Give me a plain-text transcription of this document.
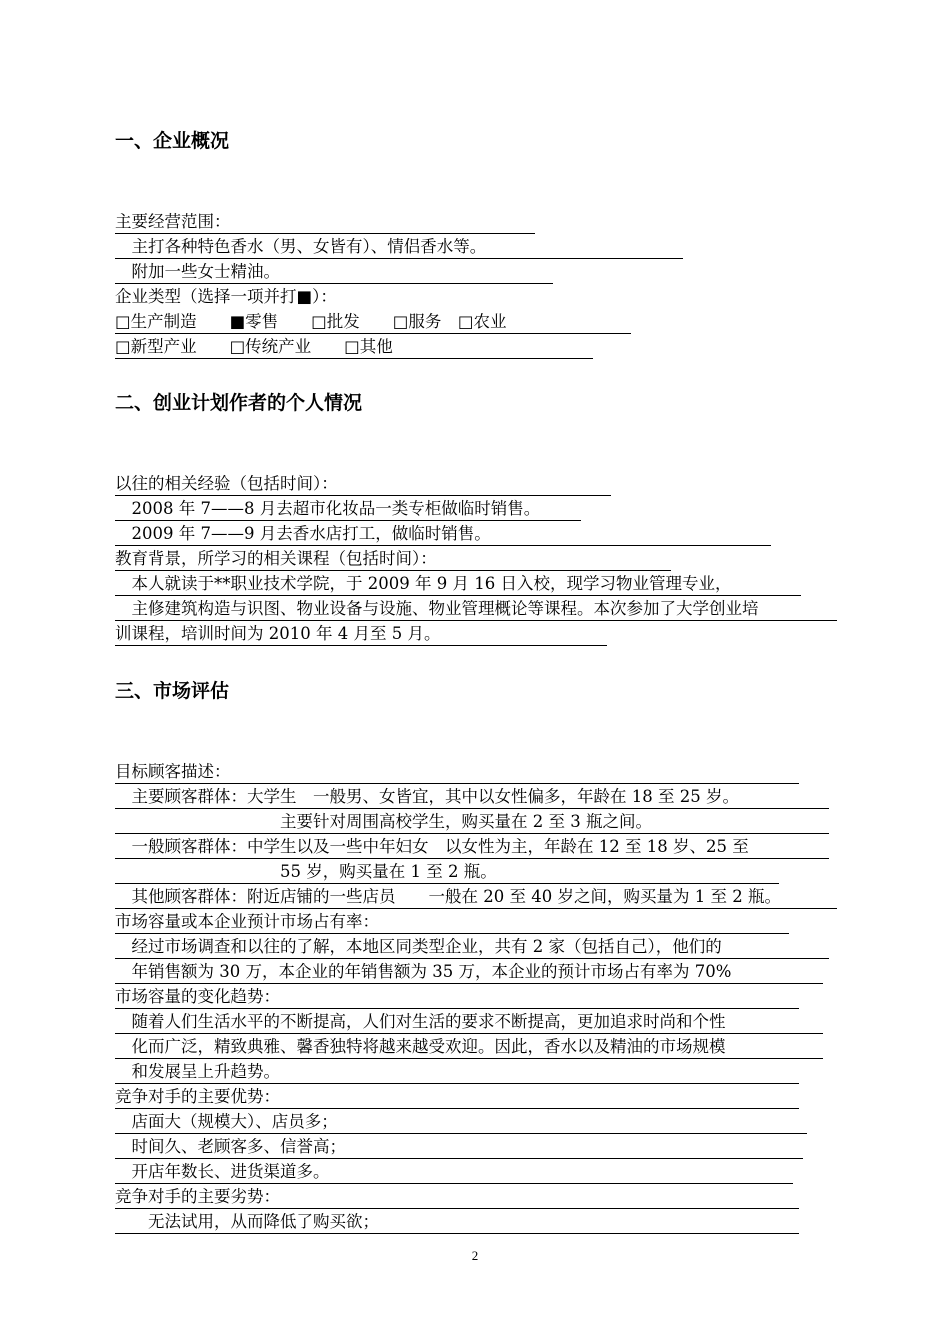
一、企业概况
主要经营范围：
　主打各种特色香水（男、女皆有）、情侣香水等。
　附加一些女士精油。
企业类型（选择一项并打■）：
□生产制造　　■零售　　□批发　　□服务　□农业
□新型产业　　□传统产业　　□其他
二、创业计划作者的个人情况
以往的相关经验（包括时间）：
　2008 年 7——8 月去超市化妆品一类专柜做临时销售。
　2009 年 7——9 月去香水店打工，做临时销售。
教育背景，所学习的相关课程（包括时间）：
　本人就读于**职业技术学院，于 2009 年 9 月 16 日入校，现学习物业管理专业，
　主修建筑构造与识图、物业设备与设施、物业管理概论等课程。本次参加了大学创业培
训课程，培训时间为 2010 年 4 月至 5 月。
三、市场评估
目标顾客描述：
　主要顾客群体：大学生　一般男、女皆宜，其中以女性偏多，年龄在 18 至 25 岁。
　　　　　　　　　　主要针对周围高校学生，购买量在 2 至 3 瓶之间。
　一般顾客群体：中学生以及一些中年妇女　以女性为主，年龄在 12 至 18 岁、25 至
　　　　　　　　　　55 岁，购买量在 1 至 2 瓶。
　其他顾客群体：附近店铺的一些店员　　一般在 20 至 40 岁之间，购买量为 1 至 2 瓶。
市场容量或本企业预计市场占有率：
　经过市场调查和以往的了解，本地区同类型企业，共有 2 家（包括自己），他们的
　年销售额为 30 万，本企业的年销售额为 35 万，本企业的预计市场占有率为 70%
市场容量的变化趋势：
　随着人们生活水平的不断提高，人们对生活的要求不断提高，更加追求时尚和个性
　化而广泛，精致典雅、馨香独特将越来越受欢迎。因此，香水以及精油的市场规模
　和发展呈上升趋势。
竞争对手的主要优势：
　店面大（规模大）、店员多；
　时间久、老顾客多、信誉高；
　开店年数长、进货渠道多。
竞争对手的主要劣势：
　　无法试用，从而降低了购买欲；
2
